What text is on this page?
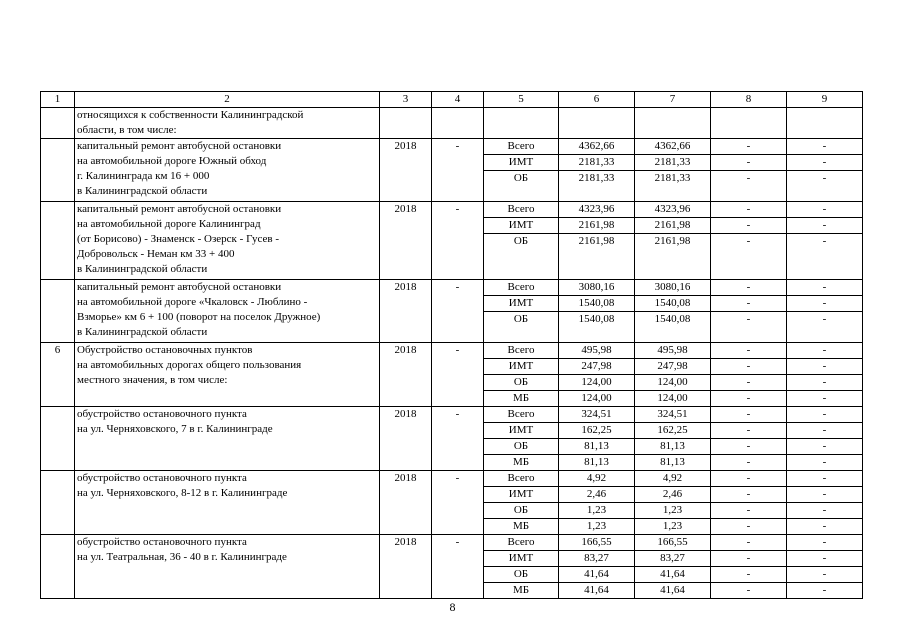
1	2	3	4	5	6	7	8	9

	относящихся к собственности Калининградской
области, в том числе:							

	капитальный ремонт автобусной остановки
на автомобильной дороге Южный обход
г. Калининграда км 16 + 000
в Калининградской области	2018	-	Всего	4362,66	4362,66	-	-
				ИМТ	2181,33	2181,33	-	-
				ОБ	2181,33	2181,33	-	-

	капитальный ремонт автобусной остановки
на автомобильной дороге Калининград
(от Борисово) - Знаменск - Озерск - Гусев -
Добровольск - Неман км 33 + 400
в Калининградской области	2018	-	Всего	4323,96	4323,96	-	-
				ИМТ	2161,98	2161,98	-	-
				ОБ	2161,98	2161,98	-	-

	капитальный ремонт автобусной остановки
на автомобильной дороге «Чкаловск - Люблино -
Взморье» км 6 + 100 (поворот на поселок Дружное)
в Калининградской области	2018	-	Всего	3080,16	3080,16	-	-
				ИМТ	1540,08	1540,08	-	-
				ОБ	1540,08	1540,08	-	-
6	Обустройство остановочных пунктов
на автомобильных дорогах общего пользования
местного значения, в том числе:	2018	-	Всего	495,98	495,98	-	-
				ИМТ	247,98	247,98	-	-
				ОБ	124,00	124,00	-	-
				МБ	124,00	124,00	-	-

	обустройство остановочного пункта
на ул. Черняховского, 7 в г. Калининграде	2018	-	Всего	324,51	324,51	-	-
				ИМТ	162,25	162,25	-	-
				ОБ	81,13	81,13	-	-
				МБ	81,13	81,13	-	-

	обустройство остановочного пункта
на ул. Черняховского, 8-12 в г. Калининграде	2018	-	Всего	4,92	4,92	-	-
				ИМТ	2,46	2,46	-	-
				ОБ	1,23	1,23	-	-
				МБ	1,23	1,23	-	-

	обустройство остановочного пункта
на ул. Театральная, 36 - 40 в г. Калининграде	2018	-	Всего	166,55	166,55	-	-
				ИМТ	83,27	83,27	-	-
				ОБ	41,64	41,64	-	-
				МБ	41,64	41,64	-	-
8
